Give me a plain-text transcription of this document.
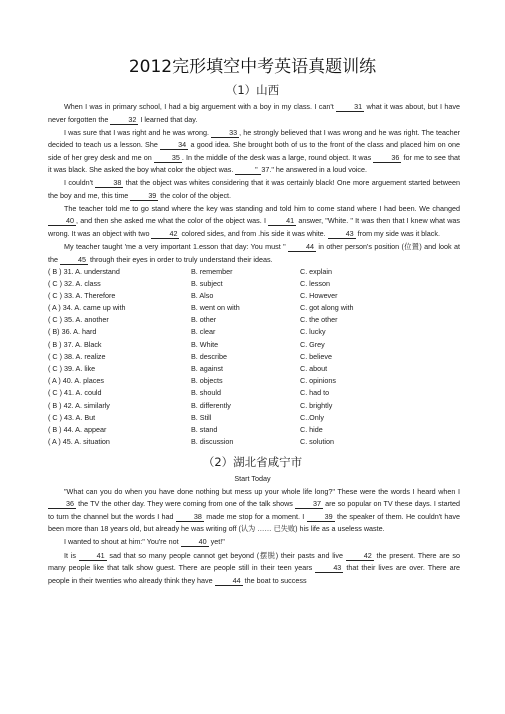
2012完形填空中考英语真题训练
（1）山西

When I was in primary school, I had a big arguement with a boy in my class. I can't	31 what it was about, but I have never forgotten the	32 I learned that day.

I was sure that I was right and he was wrong.	33 , he strongly believed that I was wrong and he was right. The teacher decided to teach us a lesson. She	34 a good idea. She brought both of us to the front of the class and placed him on one side of her grey desk and me on	35 . In the middle of the desk was a large, round object. It was	36 for me to see that it was black. She asked the boy what color the object was.	" 37." he answered in a loud voice.

I couldn't	38 that the object was whites considering that it was certainly black! One more arguement started between the boy and me, this time	39 the color of the object.

The teacher told me to go stand where the key was standing and told him to come stand where I had been. We changed 40 , and then she asked me what the color of the object was. I	41 answer, "White. " It was then that I knew what was wrong. It was an object with two	42 colored sides, and from .his side it was white.	43 from my side was it black.

My teacher taught 'me a very important 1.esson that day: You must "	44 in other person's position (位置) and look at the	45 through their eyes in order to truly understand their ideas.

( B ) 31. A. understand	B. remember	C. explain
( C ) 32. A. class	B. subject	C. lesson
( C ) 33. A. Therefore	B. Also	C. However
( A ) 34. A. came up with	B. went on with	C. got along with
( C ) 35. A. another	B. other	C. the other
( B) 36. A. hard	B. clear	C. lucky
( B ) 37. A. Black	B. White	C. Grey
( C ) 38. A. realize	B. describe	C. believe
( C ) 39. A. like	B. against	C. about
( A ) 40. A. places	B. objects	C. opinions
( C ) 41. A. could	B. should	C. had to
( B ) 42. A. similarly	B. differently	C. brightly
( C ) 43. A. But	B. Still	C..Only
( B ) 44. A. appear	B. stand	C. hide
( A ) 45. A. situation	B. discussion	C. solution
（2）湖北省咸宁市
Start Today

"What can you do when you have done nothing but mess up your whole life long?" These were the words I heard when I 36 the TV the other day. They were coming from one of the talk shows	37 are so popular on TV these days. I started to turn the channel but the words I had	38 made me stop for a moment. I	39 the speaker of them. He couldn't have been more than 18 years old, but already he was writing off (认为 …… 已失败) his life as a useless waste.

I wanted to shout at him:" You're not	40 yet!"

It is	41 sad that so many people cannot get beyond (摆脱) their pasts and live	42 the present. There are so many people like that talk show guest. There are people still in their teen years	43 that their lives are over. There are people in their twenties who already think they have	44 the boat to success
